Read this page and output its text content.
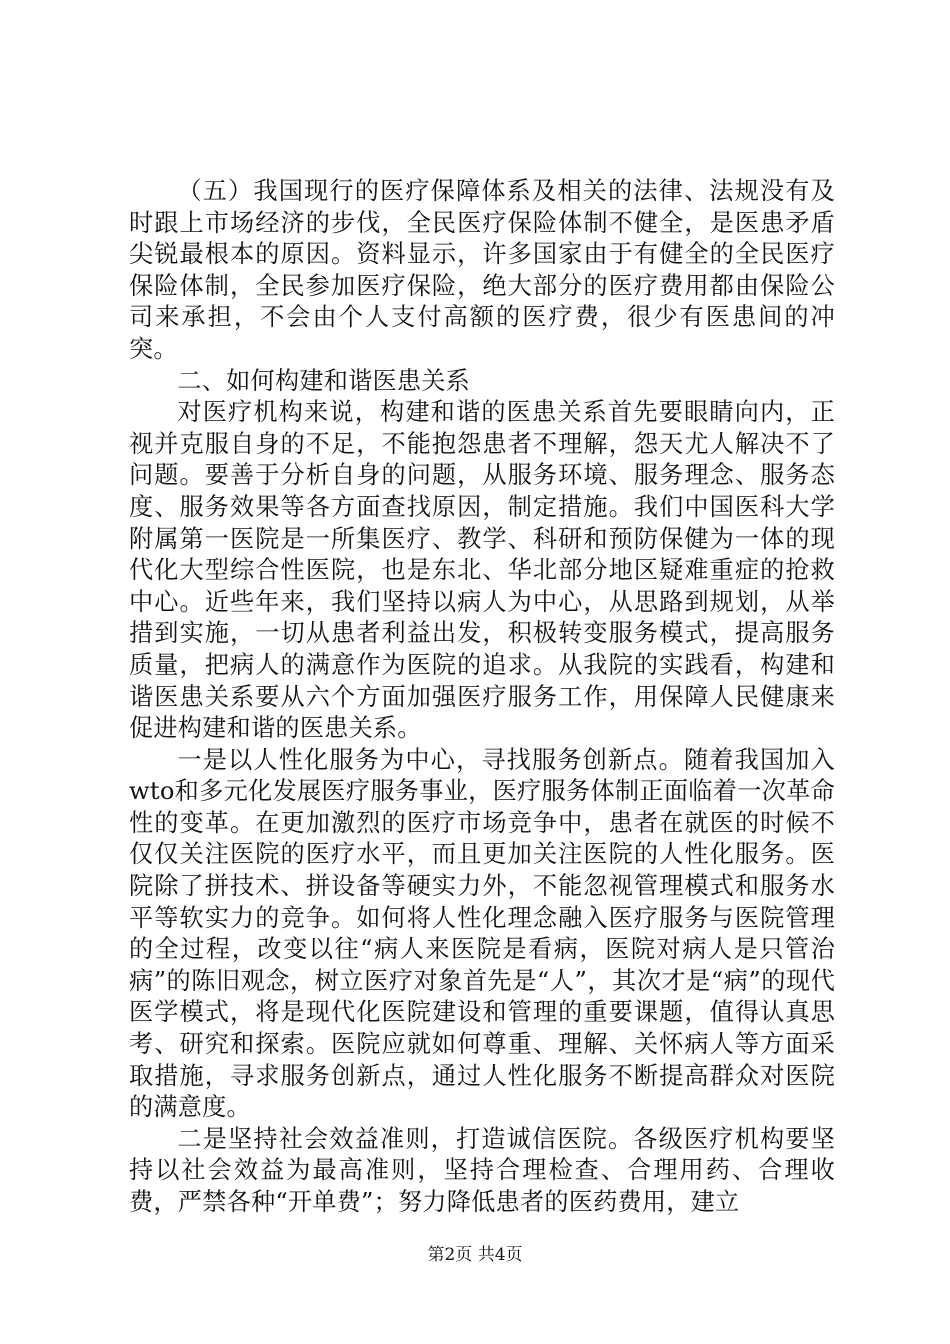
（五）我国现行的医疗保障体系及相关的法律、法规没有及时跟上市场经济的步伐，全民医疗保险体制不健全，是医患矛盾尖锐最根本的原因。资料显示，许多国家由于有健全的全民医疗保险体制，全民参加医疗保险，绝大部分的医疗费用都由保险公司来承担，不会由个人支付高额的医疗费，很少有医患间的冲突。

二、如何构建和谐医患关系

对医疗机构来说，构建和谐的医患关系首先要眼睛向内，正视并克服自身的不足，不能抱怨患者不理解，怨天尤人解决不了问题。要善于分析自身的问题，从服务环境、服务理念、服务态度、服务效果等各方面查找原因，制定措施。我们中国医科大学附属第一医院是一所集医疗、教学、科研和预防保健为一体的现代化大型综合性医院，也是东北、华北部分地区疑难重症的抢救中心。近些年来，我们坚持以病人为中心，从思路到规划，从举措到实施，一切从患者利益出发，积极转变服务模式，提高服务质量，把病人的满意作为医院的追求。从我院的实践看，构建和谐医患关系要从六个方面加强医疗服务工作，用保障人民健康来促进构建和谐的医患关系。

一是以人性化服务为中心，寻找服务创新点。随着我国加入wto和多元化发展医疗服务事业，医疗服务体制正面临着一次革命性的变革。在更加激烈的医疗市场竞争中，患者在就医的时候不仅仅关注医院的医疗水平，而且更加关注医院的人性化服务。医院除了拼技术、拼设备等硬实力外，不能忽视管理模式和服务水平等软实力的竞争。如何将人性化理念融入医疗服务与医院管理的全过程，改变以往“病人来医院是看病，医院对病人是只管治病”的陈旧观念，树立医疗对象首先是“人”，其次才是“病”的现代医学模式，将是现代化医院建设和管理的重要课题，值得认真思考、研究和探索。医院应就如何尊重、理解、关怀病人等方面采取措施，寻求服务创新点，通过人性化服务不断提高群众对医院的满意度。

二是坚持社会效益准则，打造诚信医院。各级医疗机构要坚持以社会效益为最高准则，坚持合理检查、合理用药、合理收费，严禁各种“开单费”；努力降低患者的医药费用，建立

第2页 共4页
